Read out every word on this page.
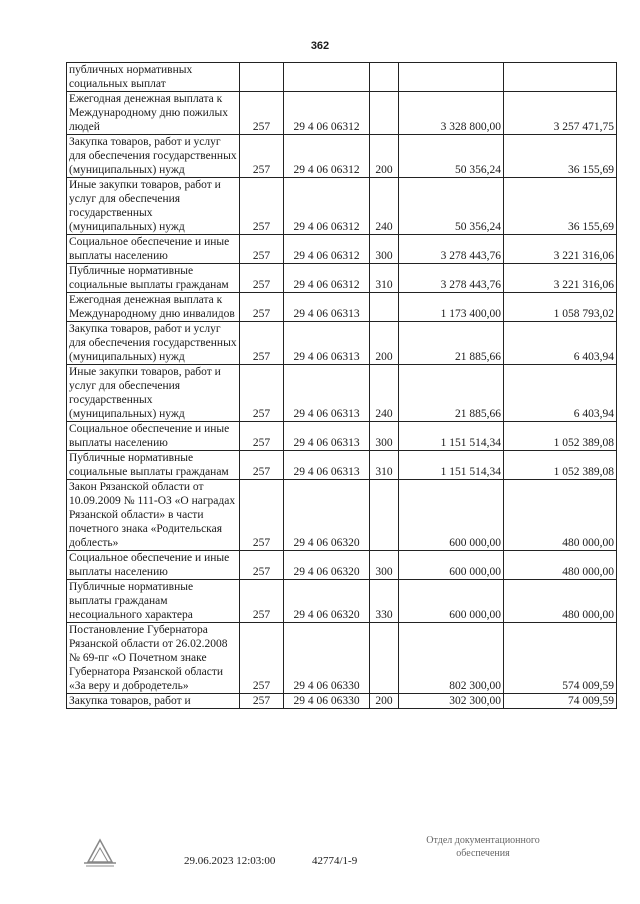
362
публичных нормативных социальных выплат					
Ежегодная денежная выплата к Международному дню пожилых людей	257	29 4 06 06312		3 328 800,00	3 257 471,75
Закупка товаров, работ и услуг для обеспечения государственных (муниципальных) нужд	257	29 4 06 06312	200	50 356,24	36 155,69
Иные закупки товаров, работ и услуг для обеспечения государственных (муниципальных) нужд	257	29 4 06 06312	240	50 356,24	36 155,69
Социальное обеспечение и иные выплаты населению	257	29 4 06 06312	300	3 278 443,76	3 221 316,06
Публичные нормативные социальные выплаты гражданам	257	29 4 06 06312	310	3 278 443,76	3 221 316,06
Ежегодная денежная выплата к Международному дню инвалидов	257	29 4 06 06313		1 173 400,00	1 058 793,02
Закупка товаров, работ и услуг для обеспечения государственных (муниципальных) нужд	257	29 4 06 06313	200	21 885,66	6 403,94
Иные закупки товаров, работ и услуг для обеспечения государственных (муниципальных) нужд	257	29 4 06 06313	240	21 885,66	6 403,94
Социальное обеспечение и иные выплаты населению	257	29 4 06 06313	300	1 151 514,34	1 052 389,08
Публичные нормативные социальные выплаты гражданам	257	29 4 06 06313	310	1 151 514,34	1 052 389,08
Закон Рязанской области от 10.09.2009 № 111-ОЗ «О наградах Рязанской области» в части почетного знака «Родительская доблесть»	257	29 4 06 06320		600 000,00	480 000,00
Социальное обеспечение и иные выплаты населению	257	29 4 06 06320	300	600 000,00	480 000,00
Публичные нормативные выплаты гражданам несоциального характера	257	29 4 06 06320	330	600 000,00	480 000,00
Постановление Губернатора Рязанской области от 26.02.2008 № 69-пг «О Почетном знаке Губернатора Рязанской области «За веру и добродетель»	257	29 4 06 06330		802 300,00	574 009,59
Закупка товаров, работ и	257	29 4 06 06330	200	302 300,00	74 009,59
29.06.2023 12:03:00	42774/1-9
Отдел документационного
обеспечения
